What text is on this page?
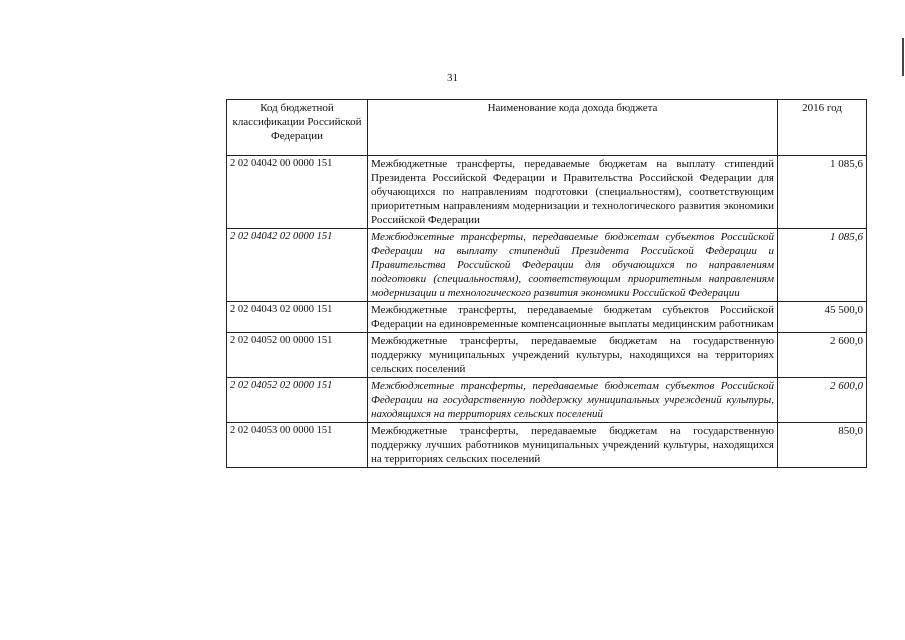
31
Код бюджетной классификации Российской Федерации	Наименование кода дохода бюджета	2016 год
2 02 04042 00 0000 151	Межбюджетные трансферты, передаваемые бюджетам на выплату стипендий Президента Российской Федерации и Правительства Российской Федерации для обучающихся по направлениям подготовки (специальностям), соответствующим приоритетным направлениям модернизации и технологического развития экономики Российской Федерации	1 085,6
2 02 04042 02 0000 151	Межбюджетные трансферты, передаваемые бюджетам субъектов Российской Федерации на выплату стипендий Президента Российской Федерации и Правительства Российской Федерации для обучающихся по направлениям подготовки (специальностям), соответствующим приоритетным направлениям модернизации и технологического развития экономики Российской Федерации	1 085,6
2 02 04043 02 0000 151	Межбюджетные трансферты, передаваемые бюджетам субъектов Российской Федерации на единовременные компенсационные выплаты медицинским работникам	45 500,0
2 02 04052 00 0000 151	Межбюджетные трансферты, передаваемые бюджетам на государственную поддержку муниципальных учреждений культуры, находящихся на территориях сельских поселений	2 600,0
2 02 04052 02 0000 151	Межбюджетные трансферты, передаваемые бюджетам субъектов Российской Федерации на государственную поддержку муниципальных учреждений культуры, находящихся на территориях сельских поселений	2 600,0
2 02 04053 00 0000 151	Межбюджетные трансферты, передаваемые бюджетам на государственную поддержку лучших работников муниципальных учреждений культуры, находящихся на территориях сельских поселений	850,0
